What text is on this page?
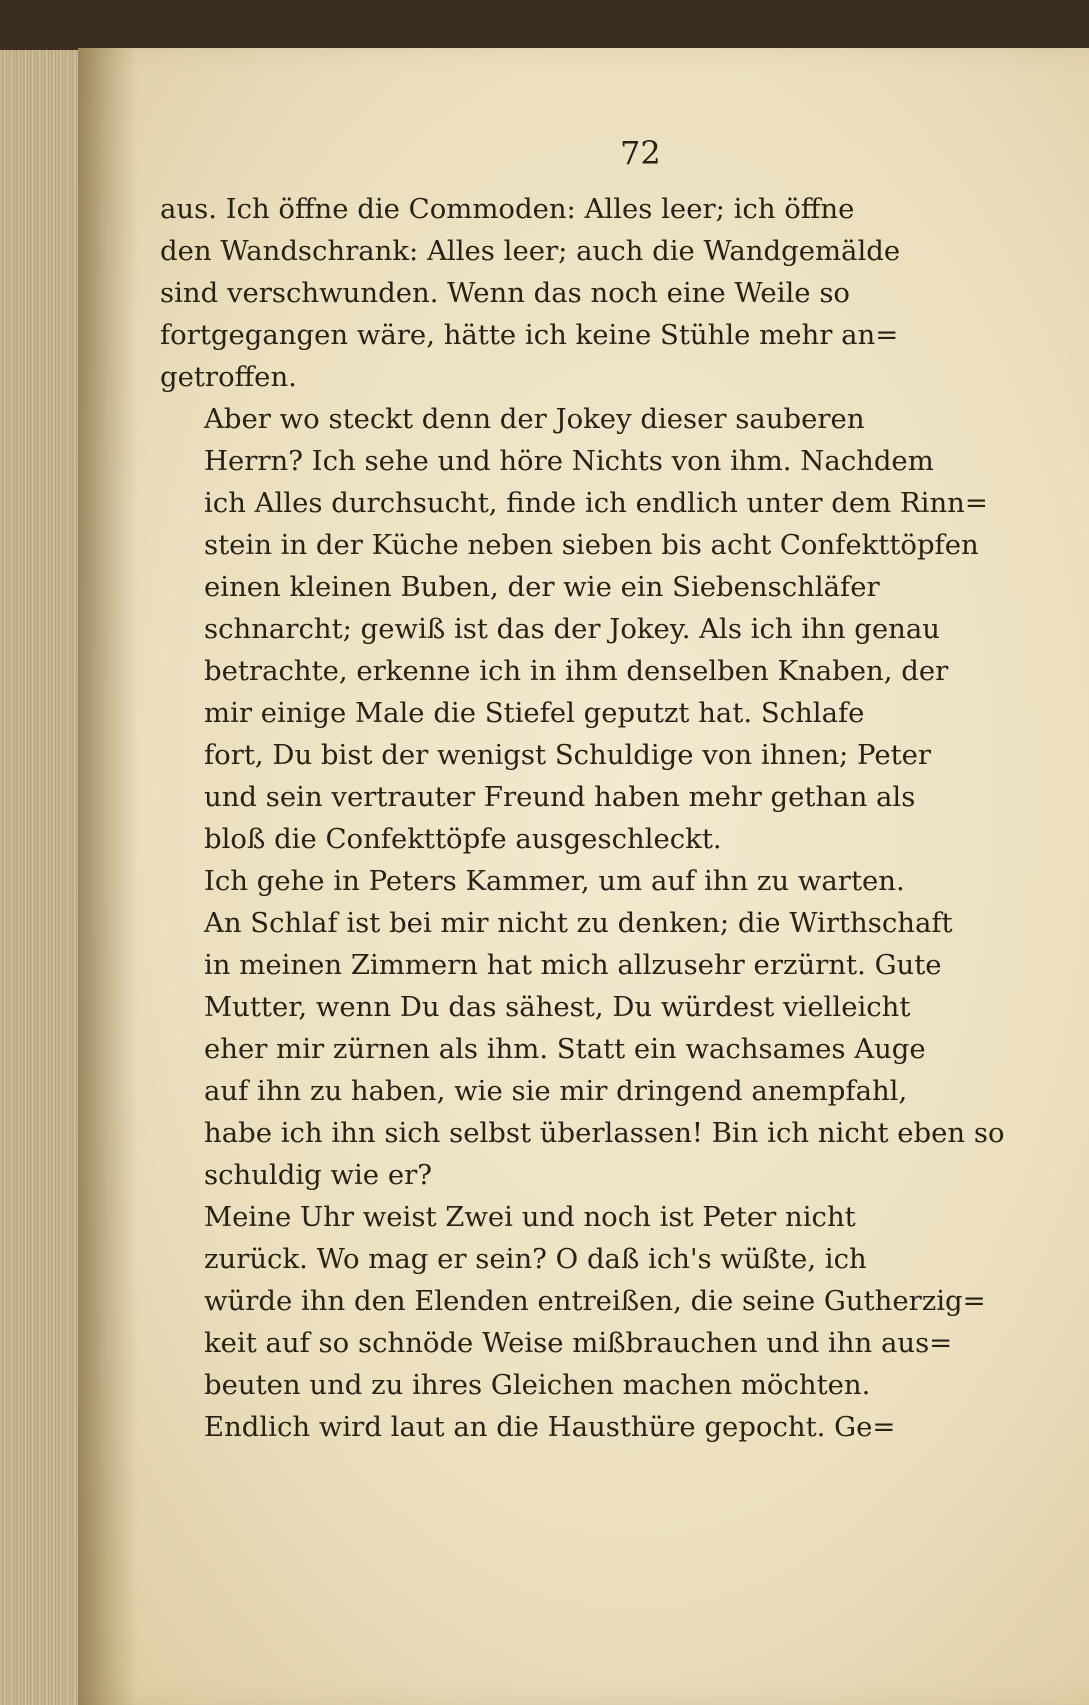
72

aus. Ich öffne die Commoden: Alles leer; ich öffne
den Wandschrank: Alles leer; auch die Wandgemälde
sind verschwunden. Wenn das noch eine Weile so
fortgegangen wäre, hätte ich keine Stühle mehr an=
getroffen.

Aber wo steckt denn der Jokey dieser sauberen
Herrn? Ich sehe und höre Nichts von ihm. Nachdem
ich Alles durchsucht, finde ich endlich unter dem Rinn=
stein in der Küche neben sieben bis acht Confekttöpfen
einen kleinen Buben, der wie ein Siebenschläfer
schnarcht; gewiß ist das der Jokey. Als ich ihn genau
betrachte, erkenne ich in ihm denselben Knaben, der
mir einige Male die Stiefel geputzt hat. Schlafe
fort, Du bist der wenigst Schuldige von ihnen; Peter
und sein vertrauter Freund haben mehr gethan als
bloß die Confekttöpfe ausgeschleckt.

Ich gehe in Peters Kammer, um auf ihn zu warten.
An Schlaf ist bei mir nicht zu denken; die Wirthschaft
in meinen Zimmern hat mich allzusehr erzürnt. Gute
Mutter, wenn Du das sähest, Du würdest vielleicht
eher mir zürnen als ihm. Statt ein wachsames Auge
auf ihn zu haben, wie sie mir dringend anempfahl,
habe ich ihn sich selbst überlassen! Bin ich nicht eben so
schuldig wie er?

Meine Uhr weist Zwei und noch ist Peter nicht
zurück. Wo mag er sein? O daß ich's wüßte, ich
würde ihn den Elenden entreißen, die seine Gutherzig=
keit auf so schnöde Weise mißbrauchen und ihn aus=
beuten und zu ihres Gleichen machen möchten.

Endlich wird laut an die Hausthüre gepocht. Ge=
